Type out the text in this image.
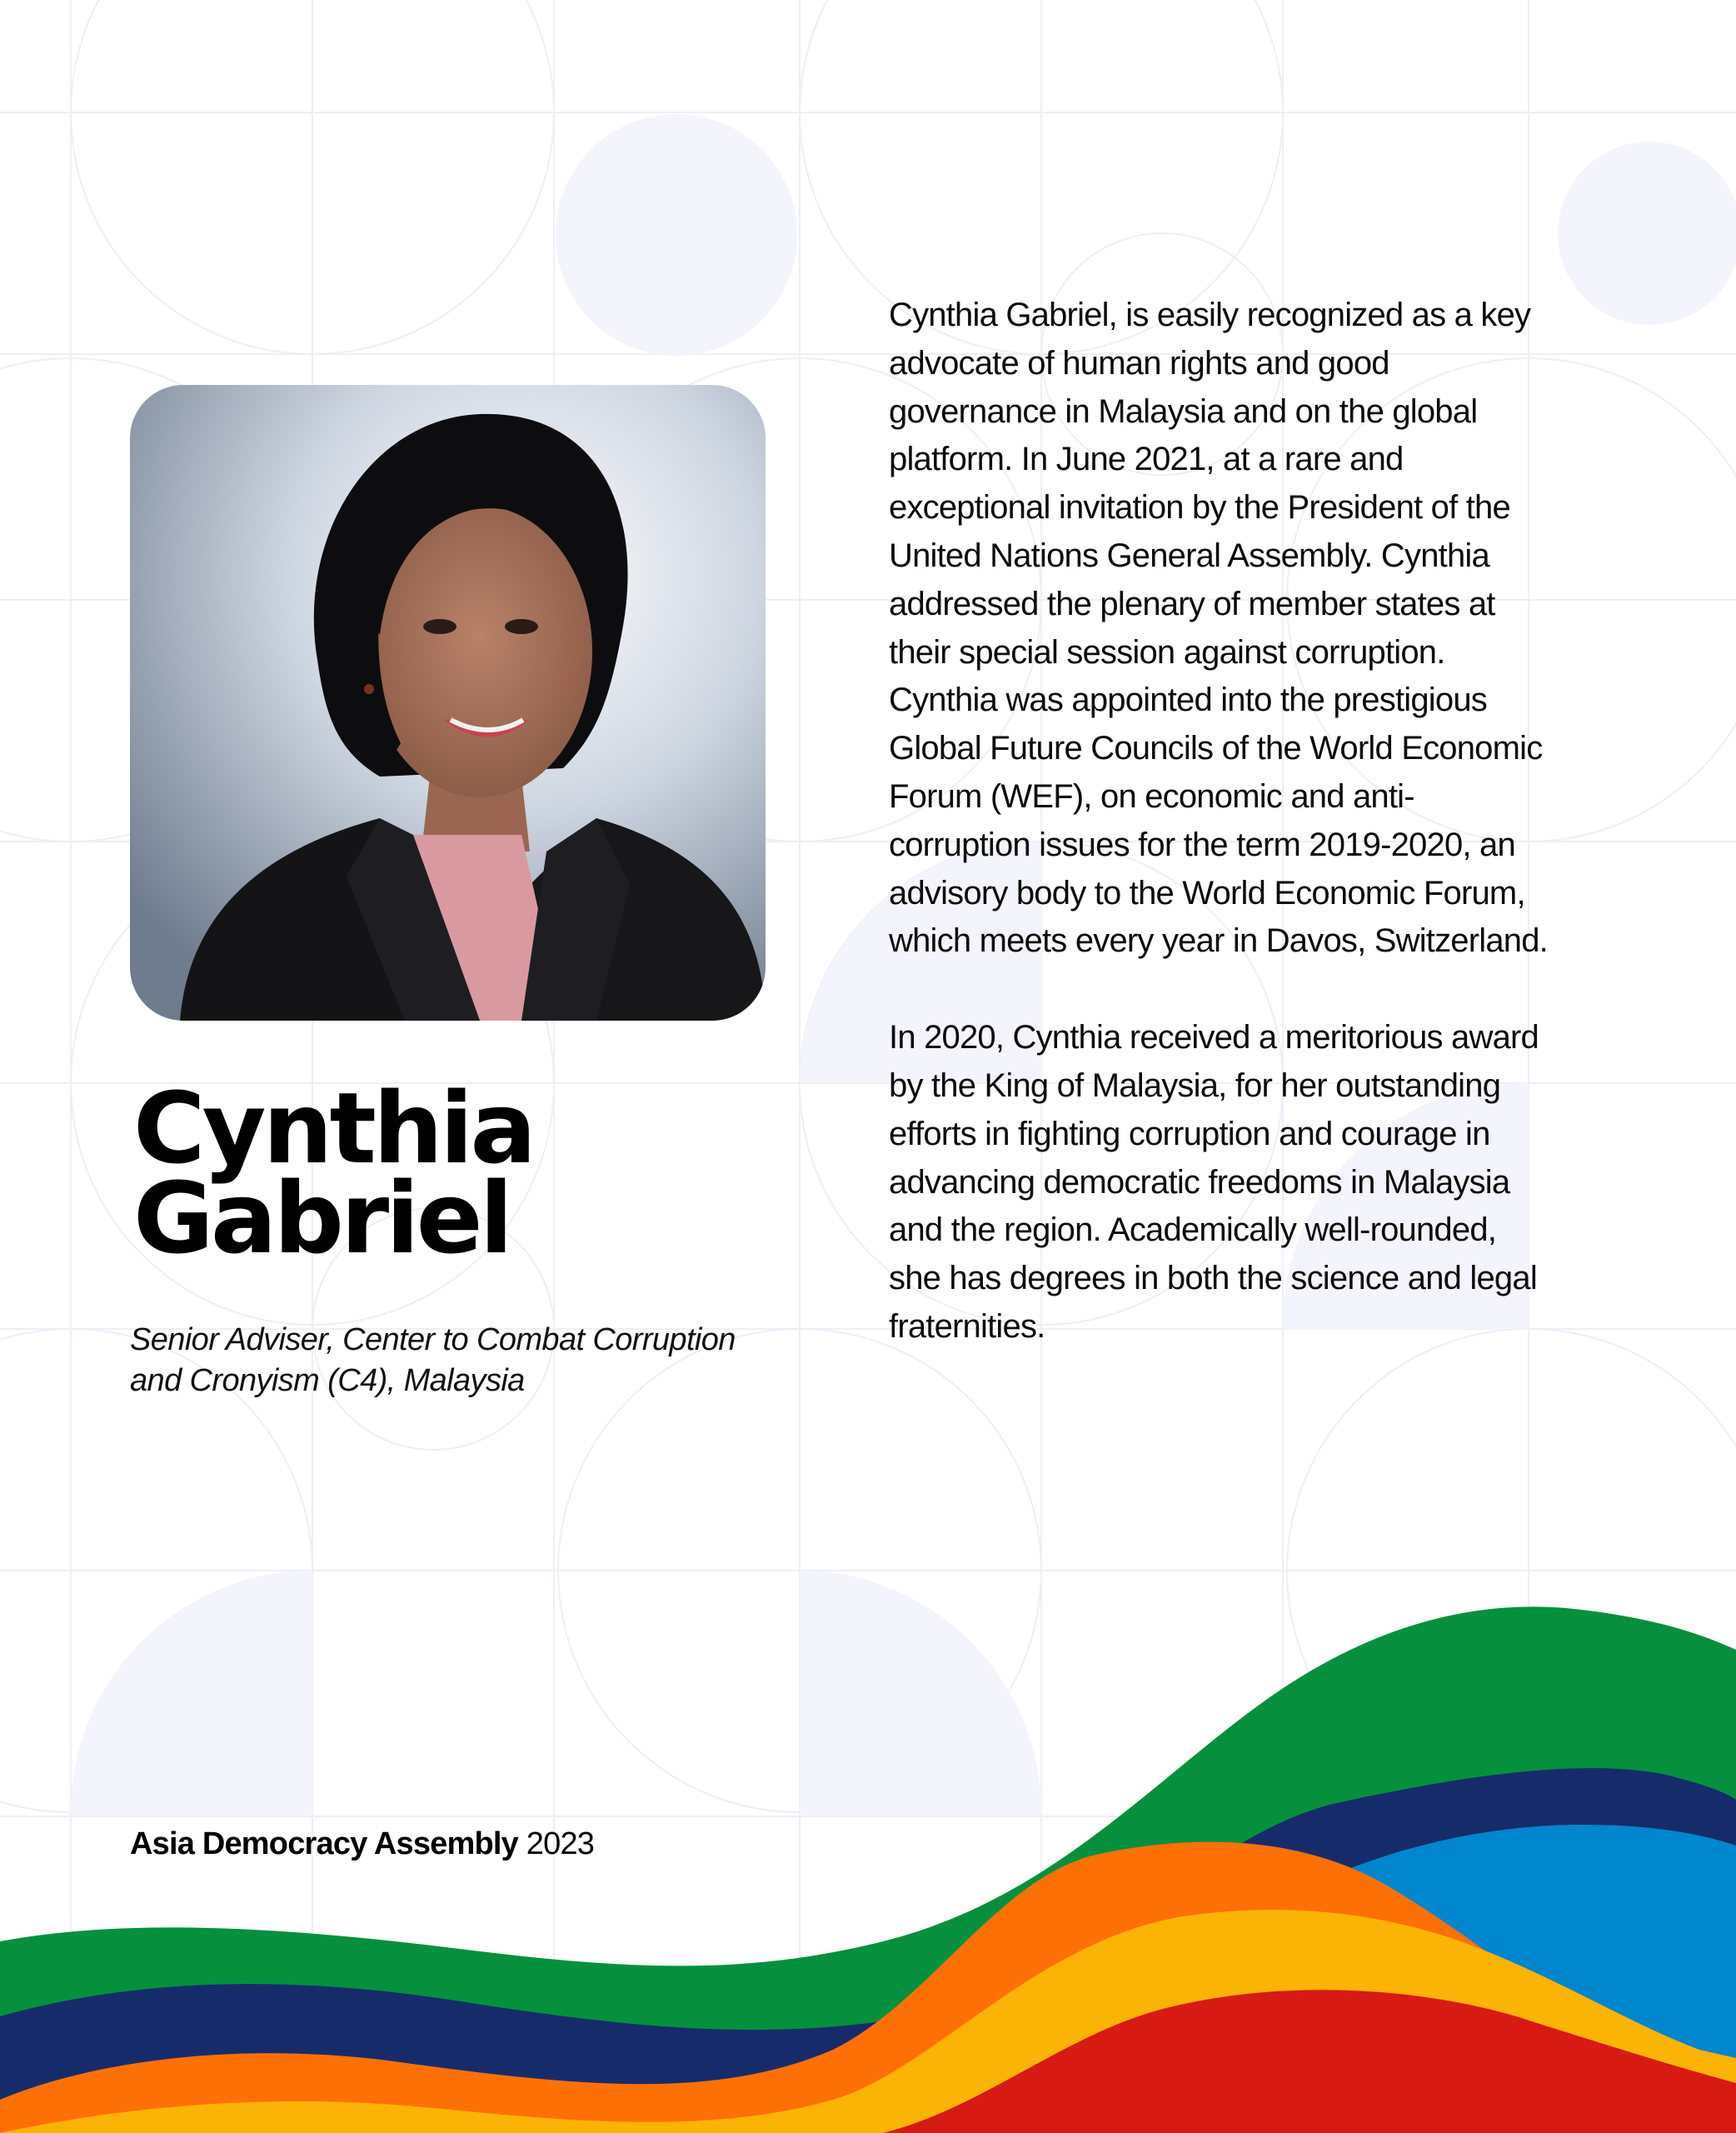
Cynthia
Gabriel

Senior Adviser, Center to Combat Corruption
and Cronyism (C4), Malaysia

Cynthia Gabriel, is easily recognized as a key
advocate of human rights and good
governance in Malaysia and on the global
platform. In June 2021, at a rare and
exceptional invitation by the President of the
United Nations General Assembly. Cynthia
addressed the plenary of member states at
their special session against corruption.
Cynthia was appointed into the prestigious
Global Future Councils of the World Economic
Forum (WEF), on economic and anti-
corruption issues for the term 2019-2020, an
advisory body to the World Economic Forum,
which meets every year in Davos, Switzerland.

In 2020, Cynthia received a meritorious award
by the King of Malaysia, for her outstanding
efforts in fighting corruption and courage in
advancing democratic freedoms in Malaysia
and the region. Academically well-rounded,
she has degrees in both the science and legal
fraternities.

Asia Democracy Assembly 2023
